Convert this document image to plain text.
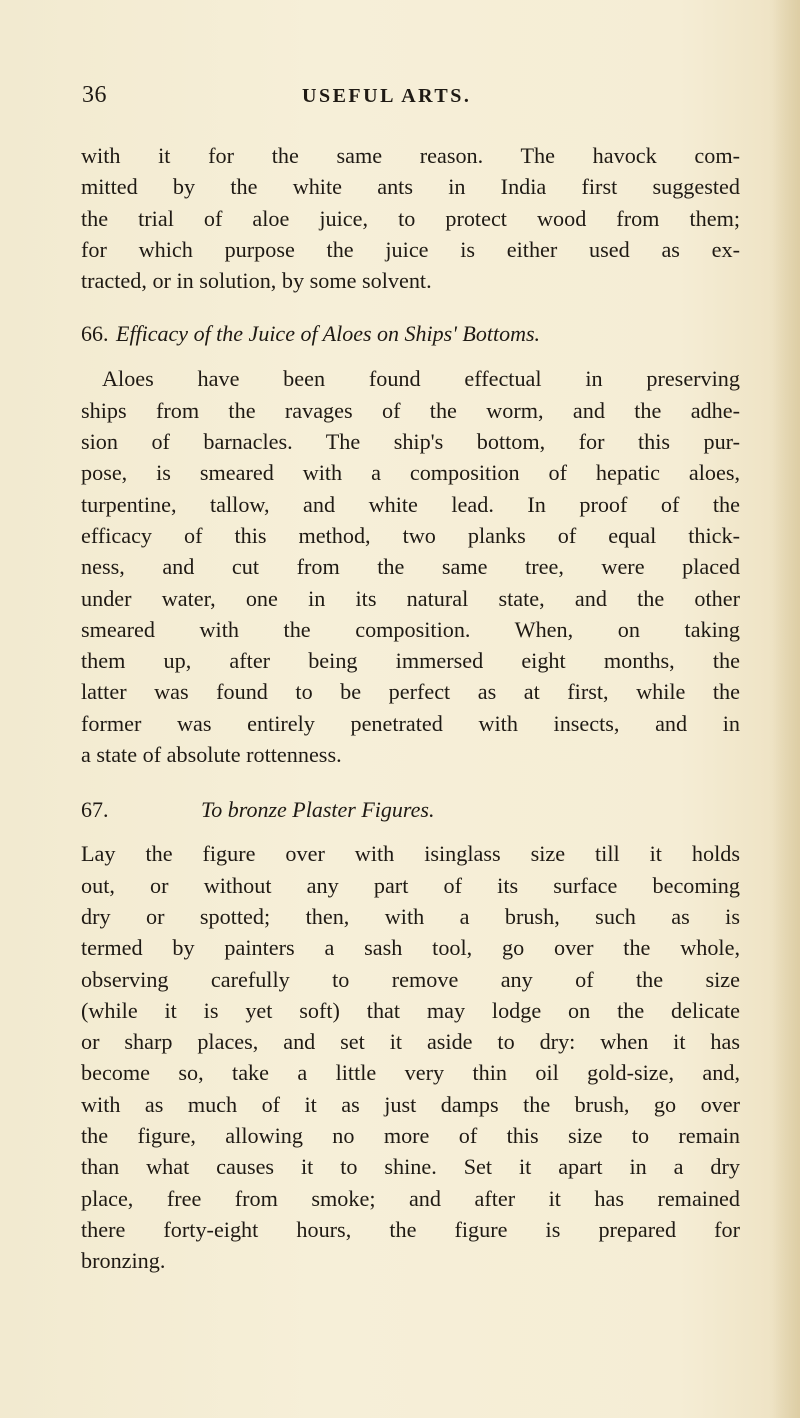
36	USEFUL ARTS.

with it for the same reason. The havock com-
mitted by the white ants in India first suggested
the trial of aloe juice, to protect wood from them;
for which purpose the juice is either used as ex-
tracted, or in solution, by some solvent.

66. Efficacy of the Juice of Aloes on Ships' Bottoms.

Aloes have been found effectual in preserving
ships from the ravages of the worm, and the adhe-
sion of barnacles. The ship's bottom, for this pur-
pose, is smeared with a composition of hepatic aloes,
turpentine, tallow, and white lead. In proof of the
efficacy of this method, two planks of equal thick-
ness, and cut from the same tree, were placed
under water, one in its natural state, and the other
smeared with the composition. When, on taking
them up, after being immersed eight months, the
latter was found to be perfect as at first, while the
former was entirely penetrated with insects, and in
a state of absolute rottenness.

67.	To bronze Plaster Figures.

Lay the figure over with isinglass size till it holds
out, or without any part of its surface becoming
dry or spotted; then, with a brush, such as is
termed by painters a sash tool, go over the whole,
observing carefully to remove any of the size
(while it is yet soft) that may lodge on the delicate
or sharp places, and set it aside to dry: when it has
become so, take a little very thin oil gold-size, and,
with as much of it as just damps the brush, go over
the figure, allowing no more of this size to remain
than what causes it to shine. Set it apart in a dry
place, free from smoke; and after it has remained
there forty-eight hours, the figure is prepared for
bronzing.
